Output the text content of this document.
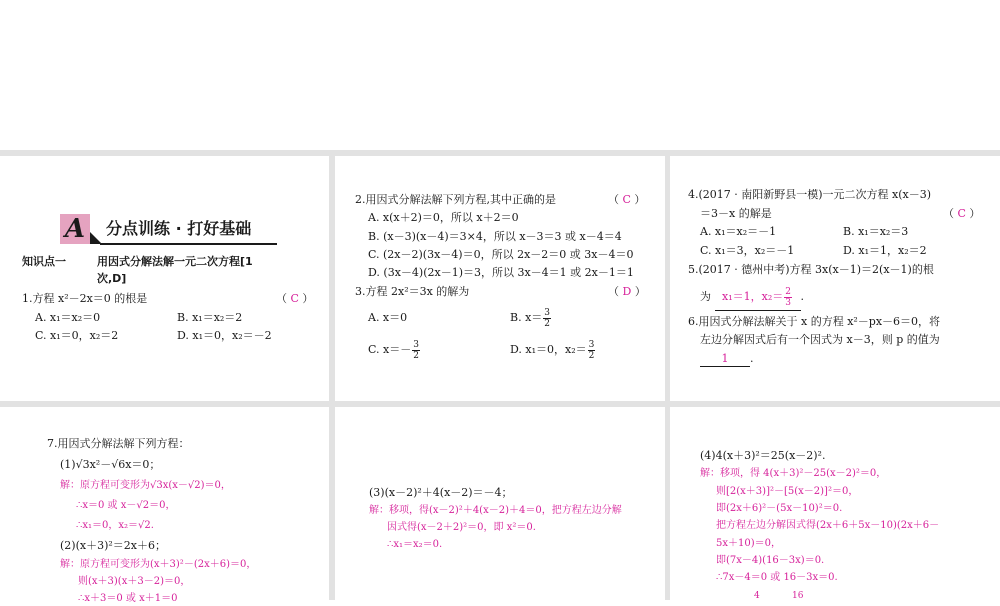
A	分点训练 · 打好基础
知识点一	用因式分解法解一元二次方程[1
次,D]
1.方程 x²－2x＝0 的根是	（ C ）
A. x₁＝x₂＝0	B. x₁＝x₂＝2
C. x₁＝0，x₂＝2	D. x₁＝0，x₂＝－2
2.用因式分解法解下列方程,其中正确的是	（ C ）
A. x(x＋2)＝0，所以 x＋2＝0
B. (x－3)(x－4)＝3×4，所以 x－3＝3 或 x－4＝4
C. (2x－2)(3x－4)＝0，所以 2x－2＝0 或 3x－4＝0
D. (3x－4)(2x－1)＝3，所以 3x－4＝1 或 2x－1＝1
3.方程 2x²＝3x 的解为	（ D ）
A. x＝0	B. $x= \frac{3}{2}$
C. $x=- \frac{3}{2}$	D. x₁＝0，$x_2= \frac{3}{2}$
4.(2017 · 南阳新野县一模)一元二次方程 x(x－3)
＝3－x 的解是	（ C ）
A. x₁＝x₂＝－1	B. x₁＝x₂＝3
C. x₁＝3，x₂＝－1	D. x₁＝1，x₂＝2
5.(2017 · 德州中考)方程 3x(x－1)＝2(x－1)的根
为 x₁＝1，$x_2= \frac{2}{3}$ .
6.用因式分解法解关于 x 的方程 x²－px－6＝0，将
左边分解因式后有一个因式为 x－3，则 p 的值为
1 .
7.用因式分解法解下列方程：
(1)√3x²－√6x＝0；
解：原方程可变形为√3x(x－√2)＝0，
∴x＝0 或 x－√2＝0，
∴x₁＝0，x₂＝√2.
(2)(x＋3)²＝2x＋6；
解：原方程可变形为(x＋3)²－(2x＋6)＝0，
则(x＋3)(x＋3－2)＝0，
∴x＋3＝0 或 x＋1＝0
(3)(x－2)²＋4(x－2)＝－4；
解：移项，得(x－2)²＋4(x－2)＋4＝0，把方程左边分解
因式得(x－2＋2)²＝0，即 x²＝0.
∴x₁＝x₂＝0.
(4)4(x＋3)²＝25(x－2)².
解：移项，得 4(x＋3)²－25(x－2)²＝0，
则[2(x＋3)]²－[5(x－2)]²＝0，
即(2x＋6)²－(5x－10)²＝0.
把方程左边分解因式得(2x＋6＋5x－10)(2x＋6－
5x＋10)＝0，
即(7x－4)(16－3x)＝0.
∴7x－4＝0 或 16－3x＝0.
4	16
